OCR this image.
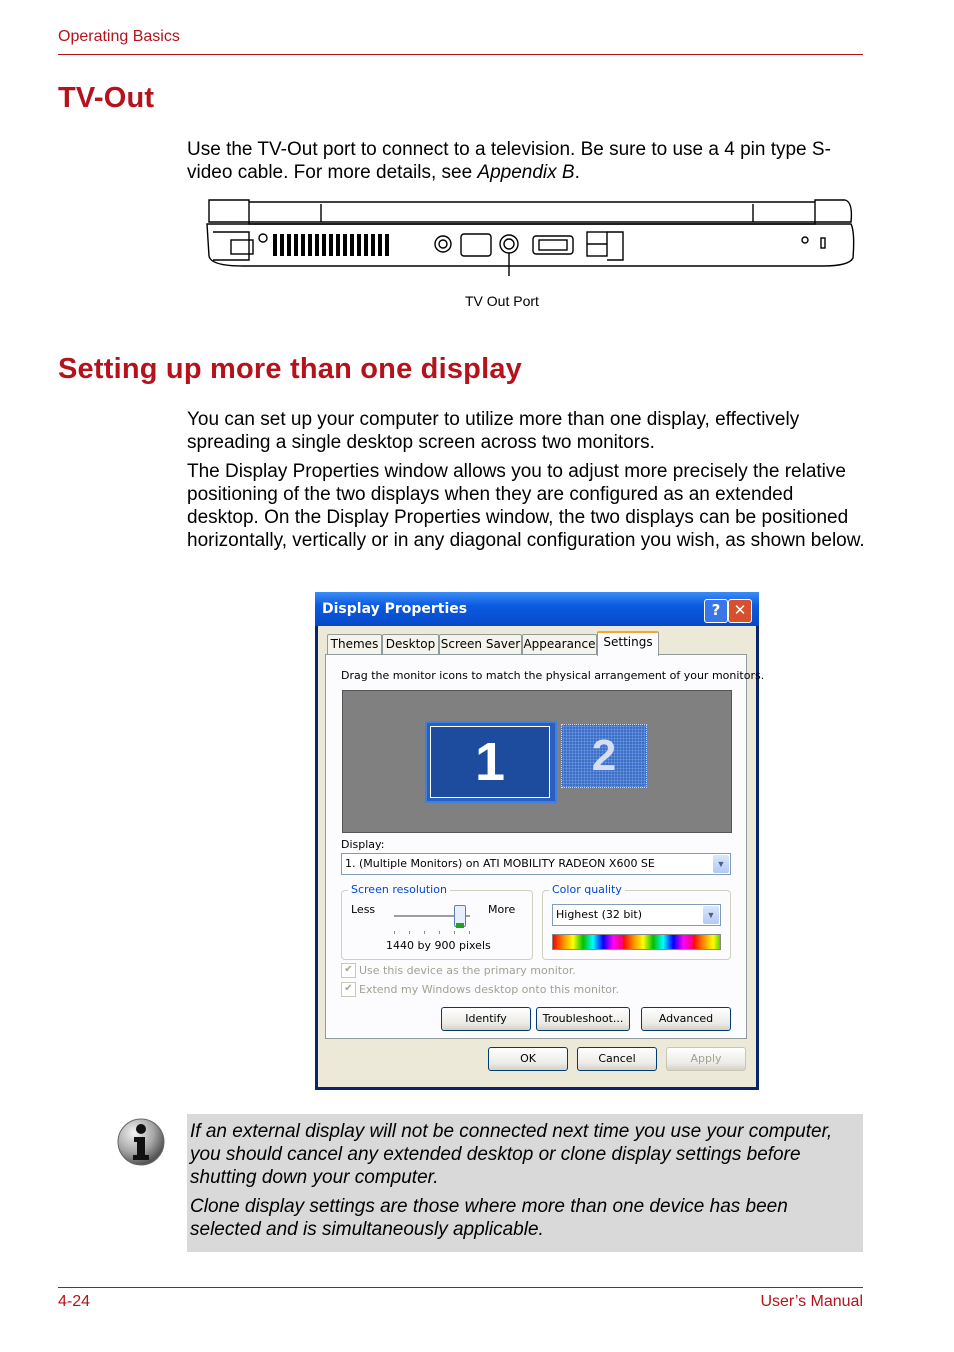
Operating Basics
TV-Out

Use the TV-Out port to connect to a television. Be sure to use a 4 pin type S-video cable. For more details, see Appendix B.

TV Out Port
Setting up more than one display

You can set up your computer to utilize more than one display, effectively spreading a single desktop screen across two monitors.

The Display Properties window allows you to adjust more precisely the relative positioning of the two displays when they are configured as an extended desktop. On the Display Properties window, the two displays can be positioned horizontally, vertically or in any diagonal configuration you wish, as shown below.

Display Properties	? ✕
Themes Desktop Screen Saver Appearance Settings
Drag the monitor icons to match the physical arrangement of your monitors.
1	2
Display:
1. (Multiple Monitors) on ATI MOBILITY RADEON X600 SE	▼
Screen resolution
Less	More
1440 by 900 pixels
Color quality
Highest (32 bit)	▼
✔ Use this device as the primary monitor.
✔ Extend my Windows desktop onto this monitor.
Identify	Troubleshoot...	Advanced
OK	Cancel	Apply

If an external display will not be connected next time you use your computer, you should cancel any extended desktop or clone display settings before shutting down your computer.

Clone display settings are those where more than one device has been selected and is simultaneously applicable.

4-24	User’s Manual
